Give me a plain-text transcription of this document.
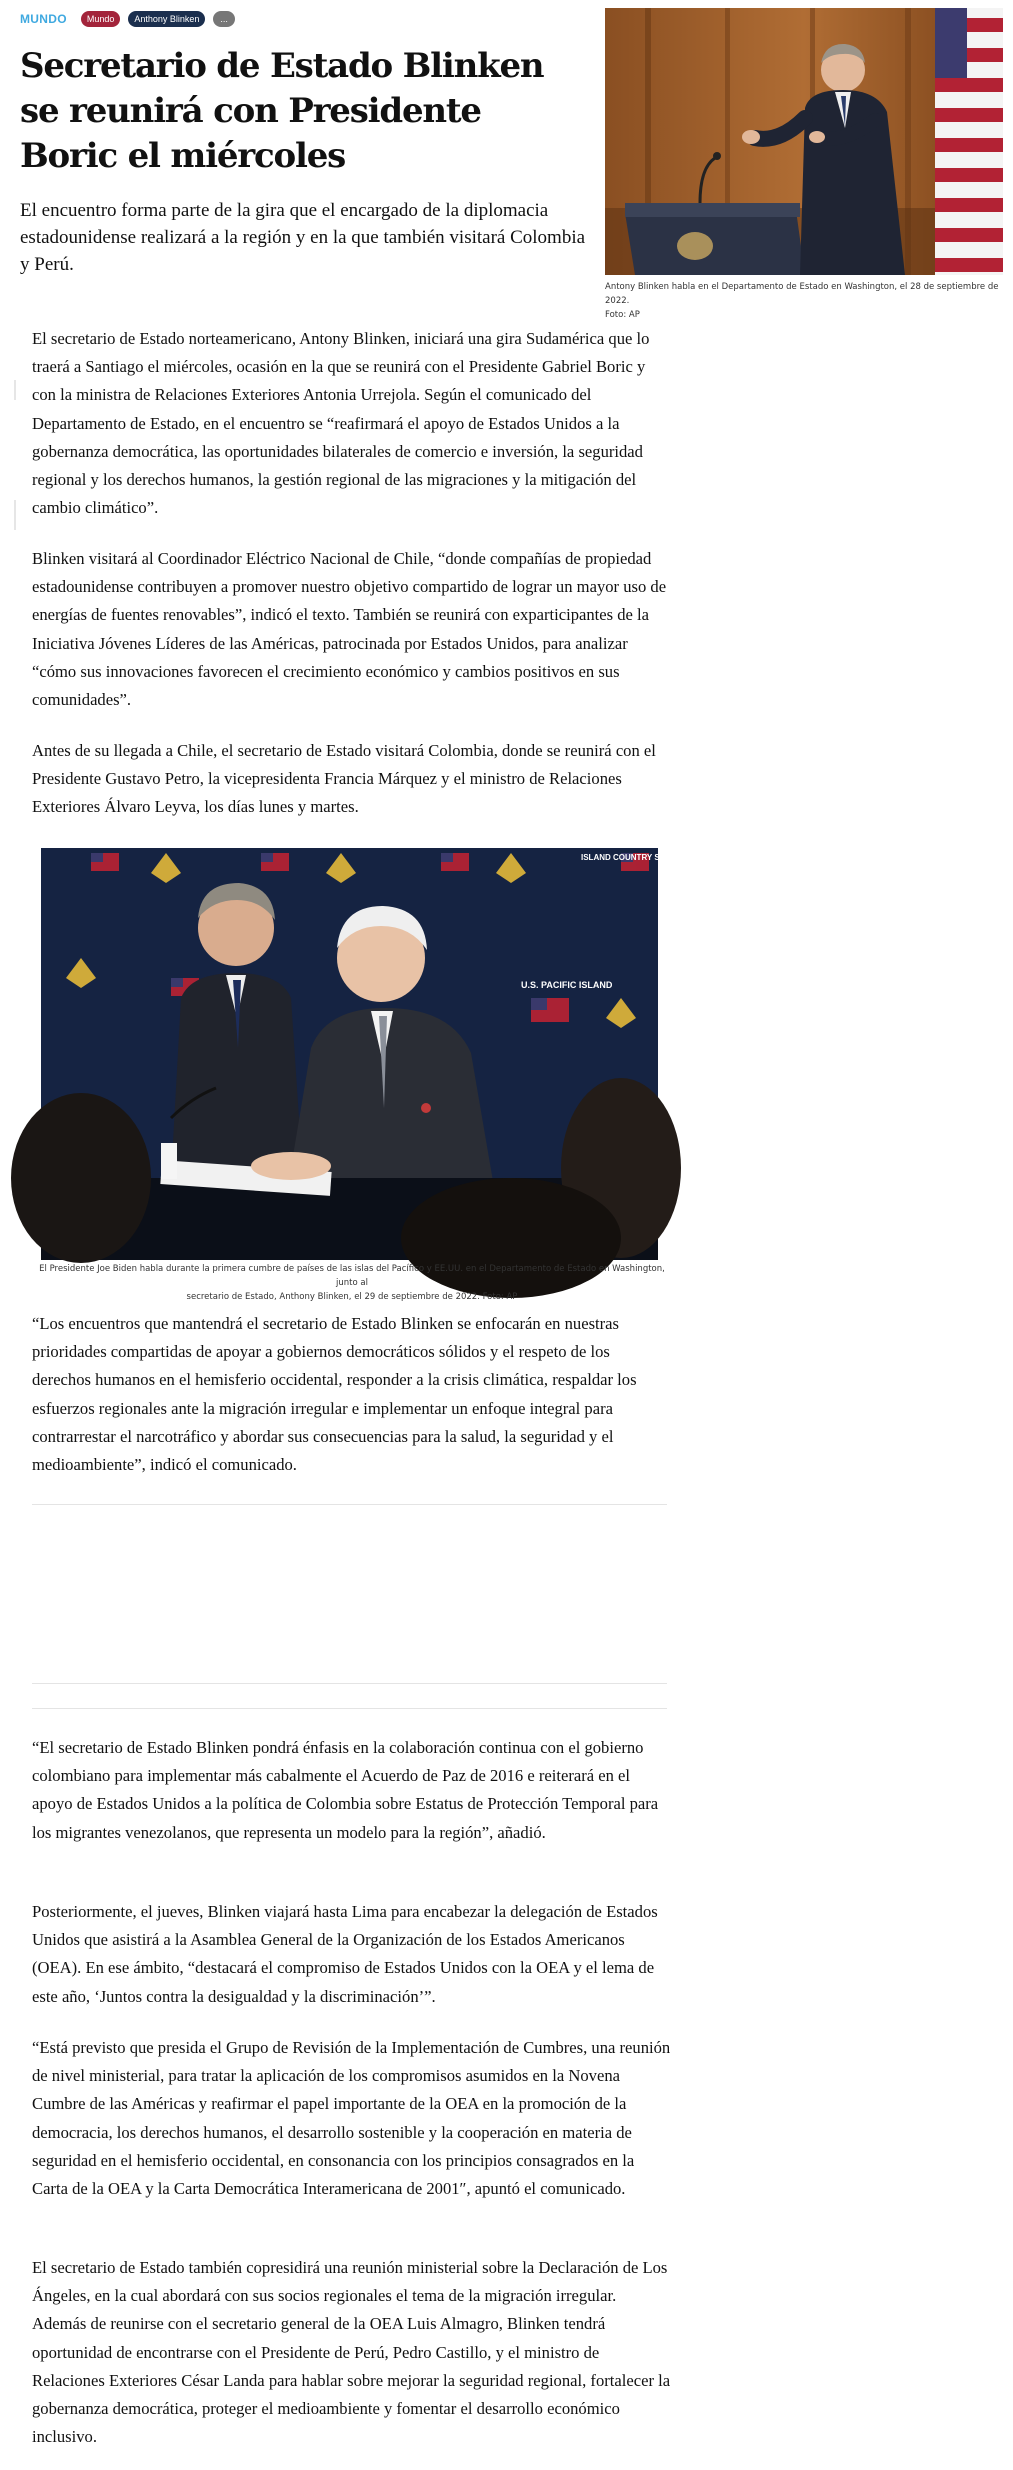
MUNDO	Mundo	Anthony Blinken	...
Secretario de Estado Blinken se reunirá con Presidente Boric el miércoles

El encuentro forma parte de la gira que el encargado de la diplomacia estadounidense realizará a la región y en la que también visitará Colombia y Perú.

Antony Blinken habla en el Departamento de Estado en Washington, el 28 de septiembre de 2022.
Foto: AP

El secretario de Estado norteamericano, Antony Blinken, iniciará una gira Sudamérica que lo traerá a Santiago el miércoles, ocasión en la que se reunirá con el Presidente Gabriel Boric y con la ministra de Relaciones Exteriores Antonia Urrejola. Según el comunicado del Departamento de Estado, en el encuentro se “reafirmará el apoyo de Estados Unidos a la gobernanza democrática, las oportunidades bilaterales de comercio e inversión, la seguridad regional y los derechos humanos, la gestión regional de las migraciones y la mitigación del cambio climático”.

Blinken visitará al Coordinador Eléctrico Nacional de Chile, “donde compañías de propiedad estadounidense contribuyen a promover nuestro objetivo compartido de lograr un mayor uso de energías de fuentes renovables”, indicó el texto. También se reunirá con exparticipantes de la Iniciativa Jóvenes Líderes de las Américas, patrocinada por Estados Unidos, para analizar “cómo sus innovaciones favorecen el crecimiento económico y cambios positivos en sus comunidades”.

Antes de su llegada a Chile, el secretario de Estado visitará Colombia, donde se reunirá con el Presidente Gustavo Petro, la vicepresidenta Francia Márquez y el ministro de Relaciones Exteriores Álvaro Leyva, los días lunes y martes.

ISLAND COUNTRY SUMMIT
U.S. PACIFIC ISLAND
El Presidente Joe Biden habla durante la primera cumbre de países de las islas del Pacífico y EE.UU. en el Departamento de Estado en Washington, junto al
secretario de Estado, Anthony Blinken, el 29 de septiembre de 2022. Foto: AP

“Los encuentros que mantendrá el secretario de Estado Blinken se enfocarán en nuestras prioridades compartidas de apoyar a gobiernos democráticos sólidos y el respeto de los derechos humanos en el hemisferio occidental, responder a la crisis climática, respaldar los esfuerzos regionales ante la migración irregular e implementar un enfoque integral para contrarrestar el narcotráfico y abordar sus consecuencias para la salud, la seguridad y el medioambiente”, indicó el comunicado.

“El secretario de Estado Blinken pondrá énfasis en la colaboración continua con el gobierno colombiano para implementar más cabalmente el Acuerdo de Paz de 2016 e reiterará en el apoyo de Estados Unidos a la política de Colombia sobre Estatus de Protección Temporal para los migrantes venezolanos, que representa un modelo para la región”, añadió.

Posteriormente, el jueves, Blinken viajará hasta Lima para encabezar la delegación de Estados Unidos que asistirá a la Asamblea General de la Organización de los Estados Americanos (OEA). En ese ámbito, “destacará el compromiso de Estados Unidos con la OEA y el lema de este año, ‘Juntos contra la desigualdad y la discriminación’”.

“Está previsto que presida el Grupo de Revisión de la Implementación de Cumbres, una reunión de nivel ministerial, para tratar la aplicación de los compromisos asumidos en la Novena Cumbre de las Américas y reafirmar el papel importante de la OEA en la promoción de la democracia, los derechos humanos, el desarrollo sostenible y la cooperación en materia de seguridad en el hemisferio occidental, en consonancia con los principios consagrados en la Carta de la OEA y la Carta Democrática Interamericana de 2001″, apuntó el comunicado.

El secretario de Estado también copresidirá una reunión ministerial sobre la Declaración de Los Ángeles, en la cual abordará con sus socios regionales el tema de la migración irregular. Además de reunirse con el secretario general de la OEA Luis Almagro, Blinken tendrá oportunidad de encontrarse con el Presidente de Perú, Pedro Castillo, y el ministro de Relaciones Exteriores César Landa para hablar sobre mejorar la seguridad regional, fortalecer la gobernanza democrática, proteger el medioambiente y fomentar el desarrollo económico inclusivo.
